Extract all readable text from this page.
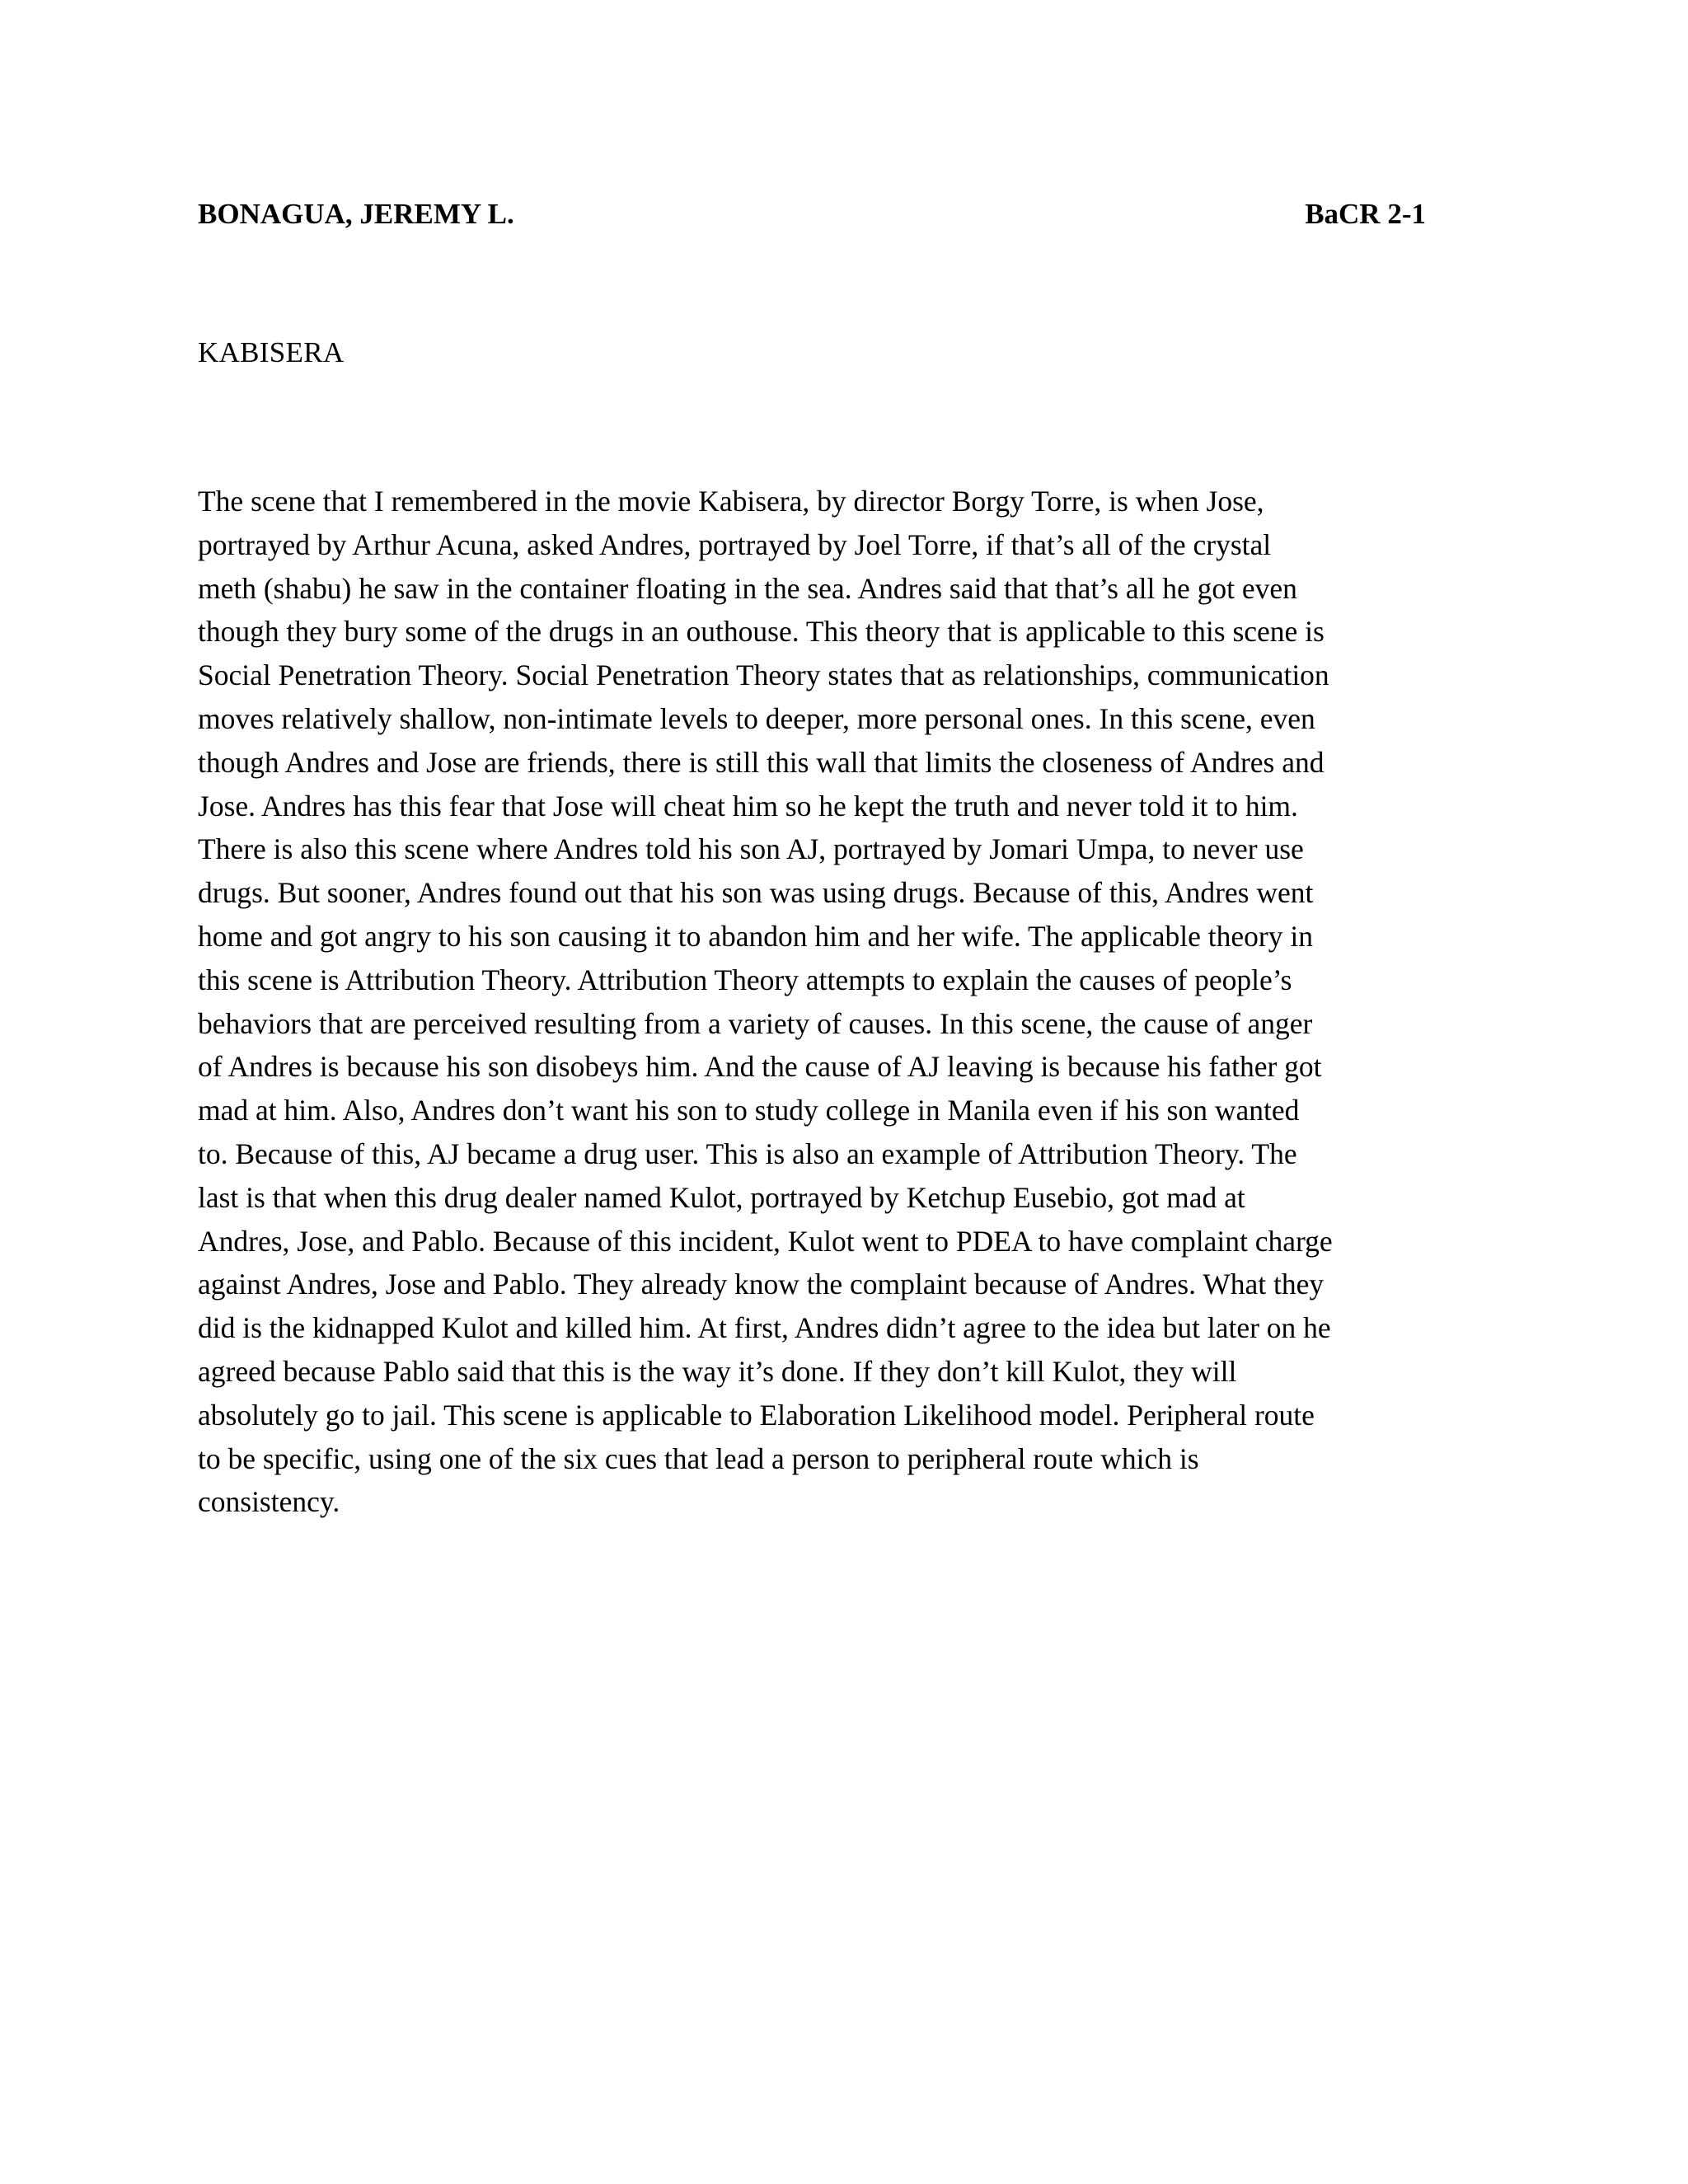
BONAGUA, JEREMY L.	BaCR 2-1
KABISERA
The scene that I remembered in the movie Kabisera, by director Borgy Torre, is when Jose,
portrayed by Arthur Acuna, asked Andres, portrayed by Joel Torre, if that’s all of the crystal
meth (shabu) he saw in the container floating in the sea. Andres said that that’s all he got even
though they bury some of the drugs in an outhouse. This theory that is applicable to this scene is
Social Penetration Theory. Social Penetration Theory states that as relationships, communication
moves relatively shallow, non-intimate levels to deeper, more personal ones. In this scene, even
though Andres and Jose are friends, there is still this wall that limits the closeness of Andres and
Jose. Andres has this fear that Jose will cheat him so he kept the truth and never told it to him.
There is also this scene where Andres told his son AJ, portrayed by Jomari Umpa, to never use
drugs. But sooner, Andres found out that his son was using drugs. Because of this, Andres went
home and got angry to his son causing it to abandon him and her wife. The applicable theory in
this scene is Attribution Theory. Attribution Theory attempts to explain the causes of people’s
behaviors that are perceived resulting from a variety of causes. In this scene, the cause of anger
of Andres is because his son disobeys him. And the cause of AJ leaving is because his father got
mad at him. Also, Andres don’t want his son to study college in Manila even if his son wanted
to. Because of this, AJ became a drug user. This is also an example of Attribution Theory. The
last is that when this drug dealer named Kulot, portrayed by Ketchup Eusebio, got mad at
Andres, Jose, and Pablo. Because of this incident, Kulot went to PDEA to have complaint charge
against Andres, Jose and Pablo. They already know the complaint because of Andres. What they
did is the kidnapped Kulot and killed him. At first, Andres didn’t agree to the idea but later on he
agreed because Pablo said that this is the way it’s done. If they don’t kill Kulot, they will
absolutely go to jail. This scene is applicable to Elaboration Likelihood model. Peripheral route
to be specific, using one of the six cues that lead a person to peripheral route which is
consistency.
